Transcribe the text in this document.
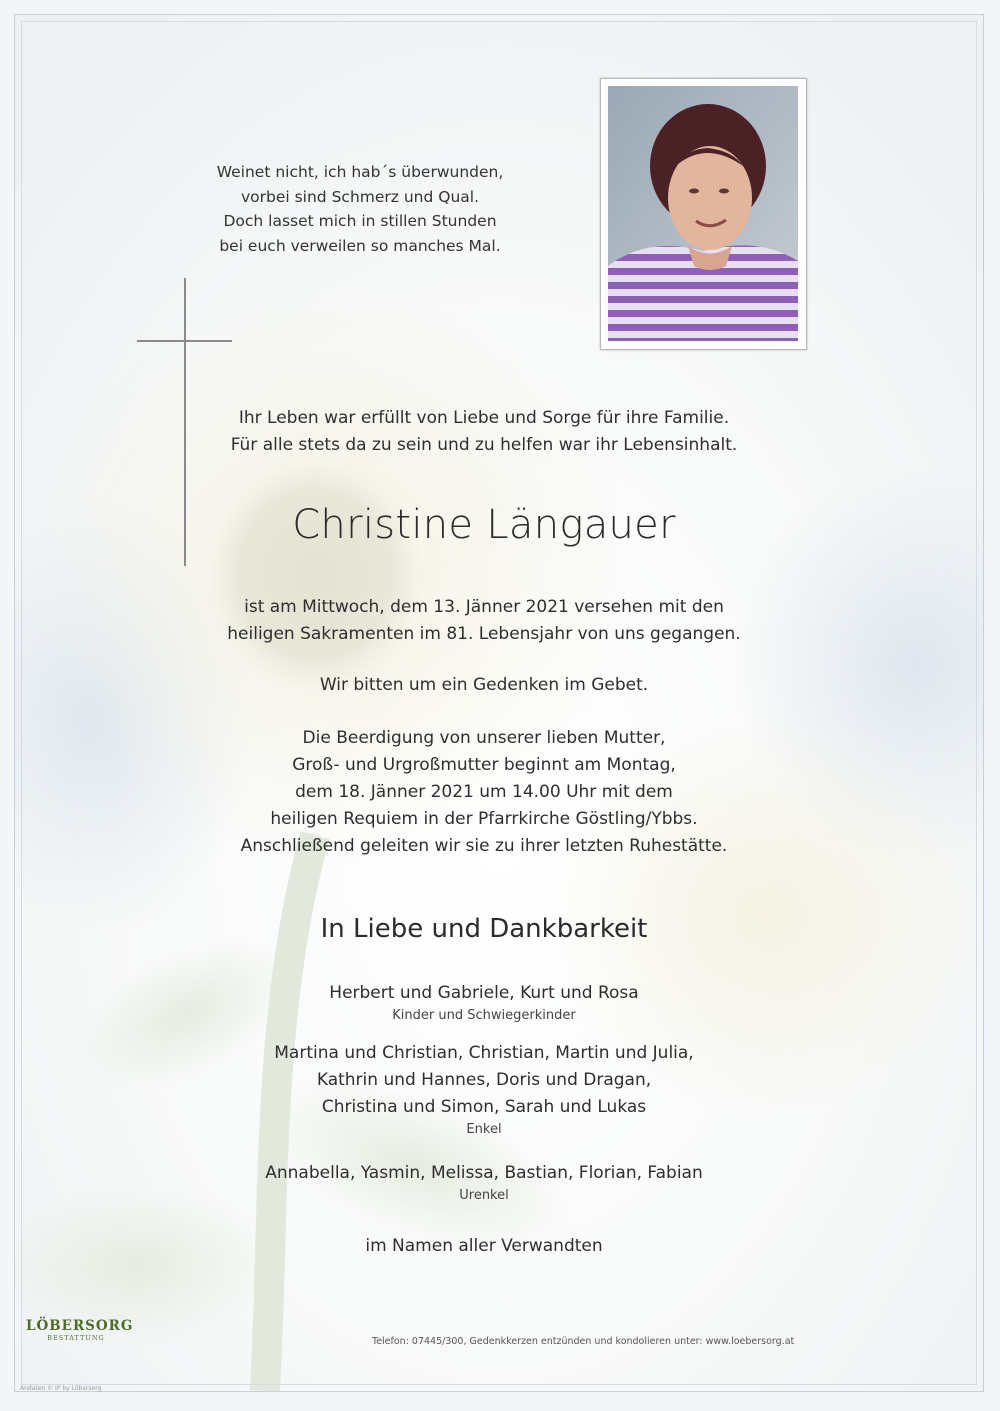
Weinet nicht, ich hab´s überwunden,
vorbei sind Schmerz und Qual.
Doch lasset mich in stillen Stunden
bei euch verweilen so manches Mal.
Ihr Leben war erfüllt von Liebe und Sorge für ihre Familie.
Für alle stets da zu sein und zu helfen war ihr Lebensinhalt.
Christine Längauer
ist am Mittwoch, dem 13. Jänner 2021 versehen mit den
heiligen Sakramenten im 81. Lebensjahr von uns gegangen.
Wir bitten um ein Gedenken im Gebet.
Die Beerdigung von unserer lieben Mutter,
Groß- und Urgroßmutter beginnt am Montag,
dem 18. Jänner 2021 um 14.00 Uhr mit dem
heiligen Requiem in der Pfarrkirche Göstling/Ybbs.
Anschließend geleiten wir sie zu ihrer letzten Ruhestätte.
In Liebe und Dankbarkeit
Herbert und Gabriele, Kurt und Rosa
Kinder und Schwiegerkinder
Martina und Christian, Christian, Martin und Julia,
Kathrin und Hannes, Doris und Dragan,
Christina und Simon, Sarah und Lukas
Enkel
Annabella, Yasmin, Melissa, Bastian, Florian, Fabian
Urenkel
im Namen aller Verwandten
LÖBERSORG
BESTATTUNG	Telefon: 07445/300, Gedenkkerzen entzünden und kondolieren unter: www.loebersorg.at
Andaten © IP by Löbersorg
